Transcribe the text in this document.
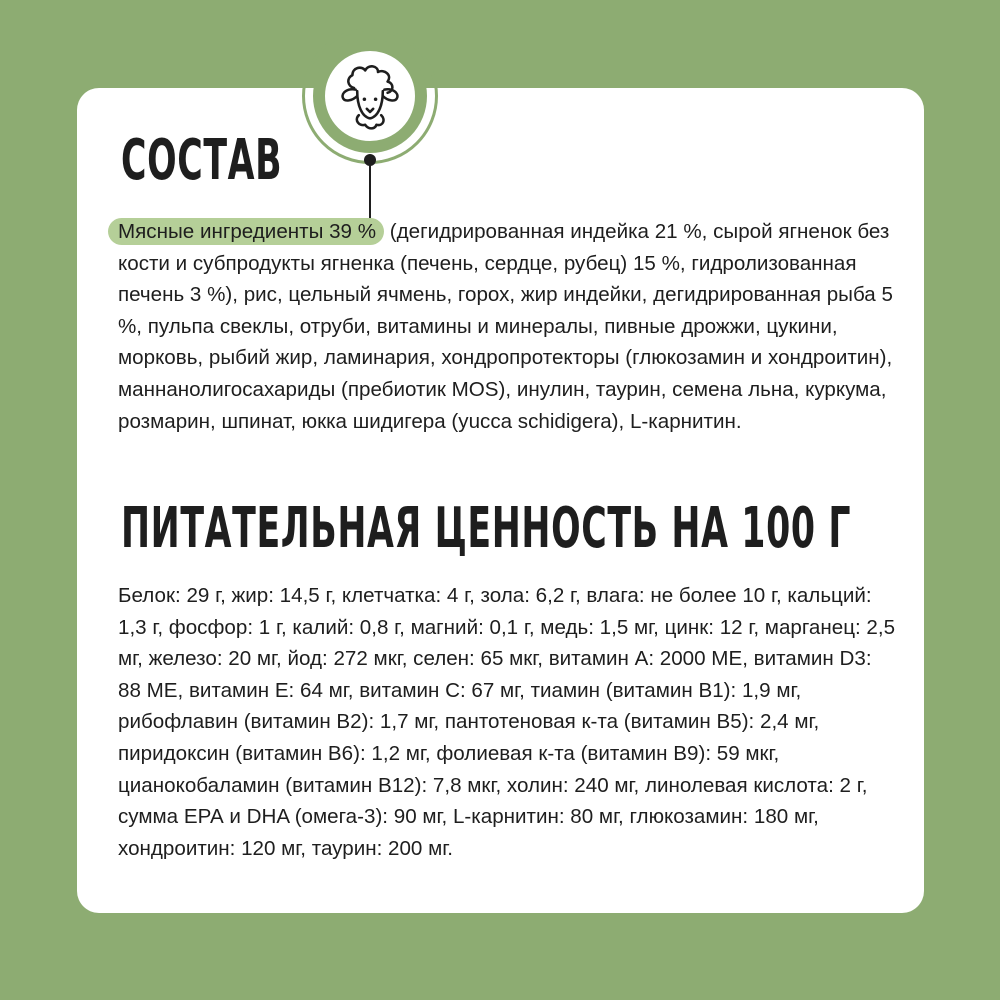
СОСТАВ

Мясные ингредиенты 39 % (дегидрированная индейка 21 %, сырой ягненок без кости и субпродукты ягненка (печень, сердце, рубец) 15 %, гидролизованная печень 3 %), рис, цельный ячмень, горох, жир индейки, дегидрированная рыба 5 %, пульпа свеклы, отруби, витамины и минералы, пивные дрожжи, цукини, морковь, рыбий жир, ламинария, хондропротекторы (глюкозамин и хондроитин), маннанолигосахариды (пребиотик MOS), инулин, таурин, семена льна, куркума, розмарин, шпинат, юкка шидигера (yucca schidigera), L-карнитин.

ПИТАТЕЛЬНАЯ ЦЕННОСТЬ НА 100 Г

Белок: 29 г, жир: 14,5 г, клетчатка: 4 г, зола: 6,2 г, влага: не более 10 г, кальций: 1,3 г, фосфор: 1 г, калий: 0,8 г, магний: 0,1 г, медь: 1,5 мг, цинк: 12 г, марганец: 2,5 мг, железо: 20 мг, йод: 272 мкг, селен: 65 мкг, витамин А: 2000 МЕ, витамин D3: 88 МЕ, витамин Е: 64 мг, витамин С: 67 мг, тиамин (витамин В1): 1,9 мг, рибофлавин (витамин В2): 1,7 мг, пантотеновая к-та (витамин В5): 2,4 мг, пиридоксин (витамин В6): 1,2 мг, фолиевая к-та (витамин В9): 59 мкг, цианокобаламин (витамин В12): 7,8 мкг, холин: 240 мг, линолевая кислота: 2 г, сумма ЕРА и DHA (омега-3): 90 мг, L-карнитин: 80 мг, глюкозамин: 180 мг, хондроитин: 120 мг, таурин: 200 мг.
